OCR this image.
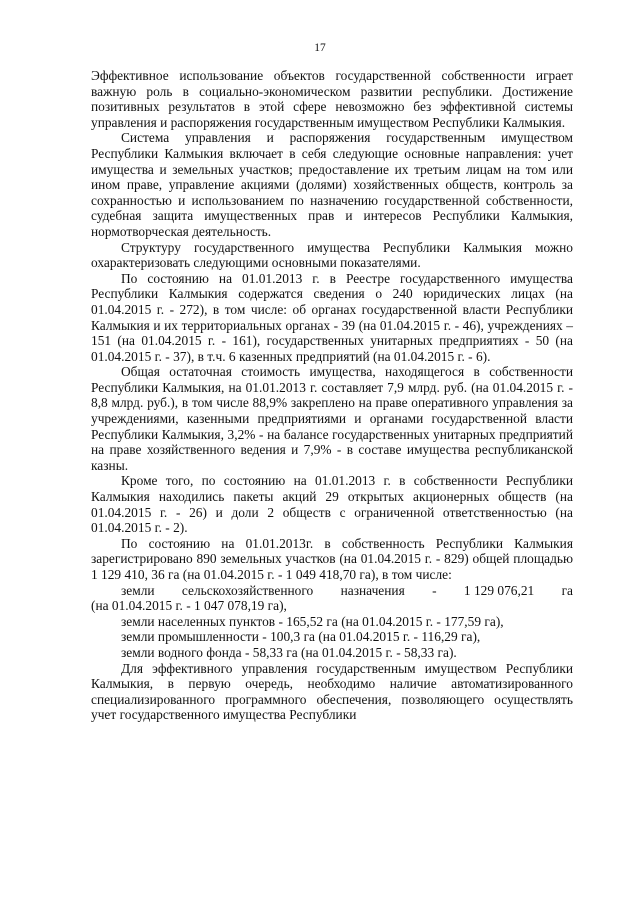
17

Эффективное использование объектов государственной собственности играет важную роль в социально-экономическом развитии республики. Достижение позитивных результатов в этой сфере невозможно без эффективной системы управления и распоряжения государственным имуществом Республики Калмыкия.

Система управления и распоряжения государственным имуществом Республики Калмыкия включает в себя следующие основные направления: учет имущества и земельных участков; предоставление их третьим лицам на том или ином праве, управление акциями (долями) хозяйственных обществ, контроль за сохранностью и использованием по назначению государственной собственности, судебная защита имущественных прав и интересов Республики Калмыкия, нормотворческая деятельность.

Структуру государственного имущества Республики Калмыкия можно охарактеризовать следующими основными показателями.

По состоянию на 01.01.2013 г. в Реестре государственного имущества Республики Калмыкия содержатся сведения о 240 юридических лицах (на 01.04.2015 г. - 272), в том числе: об органах государственной власти Республики Калмыкия и их территориальных органах - 39 (на 01.04.2015 г. - 46), учреждениях – 151 (на 01.04.2015 г. - 161), государственных унитарных предприятиях - 50 (на 01.04.2015 г. - 37), в т.ч. 6 казенных предприятий (на 01.04.2015 г. - 6).

Общая остаточная стоимость имущества, находящегося в собственности Республики Калмыкия, на 01.01.2013 г. составляет 7,9 млрд. руб. (на 01.04.2015 г. - 8,8 млрд. руб.), в том числе 88,9% закреплено на праве оперативного управления за учреждениями, казенными предприятиями и органами государственной власти Республики Калмыкия, 3,2% - на балансе государственных унитарных предприятий на праве хозяйственного ведения и 7,9% - в составе имущества республиканской казны.

Кроме того, по состоянию на 01.01.2013 г. в собственности Республики Калмыкия находились пакеты акций 29 открытых акционерных обществ (на 01.04.2015 г. - 26) и доли 2 обществ с ограниченной ответственностью (на 01.04.2015 г. - 2).

По состоянию на 01.01.2013г. в собственность Республики Калмыкия зарегистрировано 890 земельных участков (на 01.04.2015 г. - 829) общей площадью 1 129 410, 36 га (на 01.04.2015 г. - 1 049 418,70 га), в том числе:

земли сельскохозяйственного назначения - 1 129 076,21 га

(на 01.04.2015 г. - 1 047 078,19 га),

земли населенных пунктов - 165,52 га (на 01.04.2015 г. - 177,59 га),

земли промышленности - 100,3 га (на 01.04.2015 г. - 116,29 га),

земли водного фонда - 58,33 га (на 01.04.2015 г. - 58,33 га).

Для эффективного управления государственным имуществом Республики Калмыкия, в первую очередь, необходимо наличие автоматизированного специализированного программного обеспечения, позволяющего осуществлять учет государственного имущества Республики
